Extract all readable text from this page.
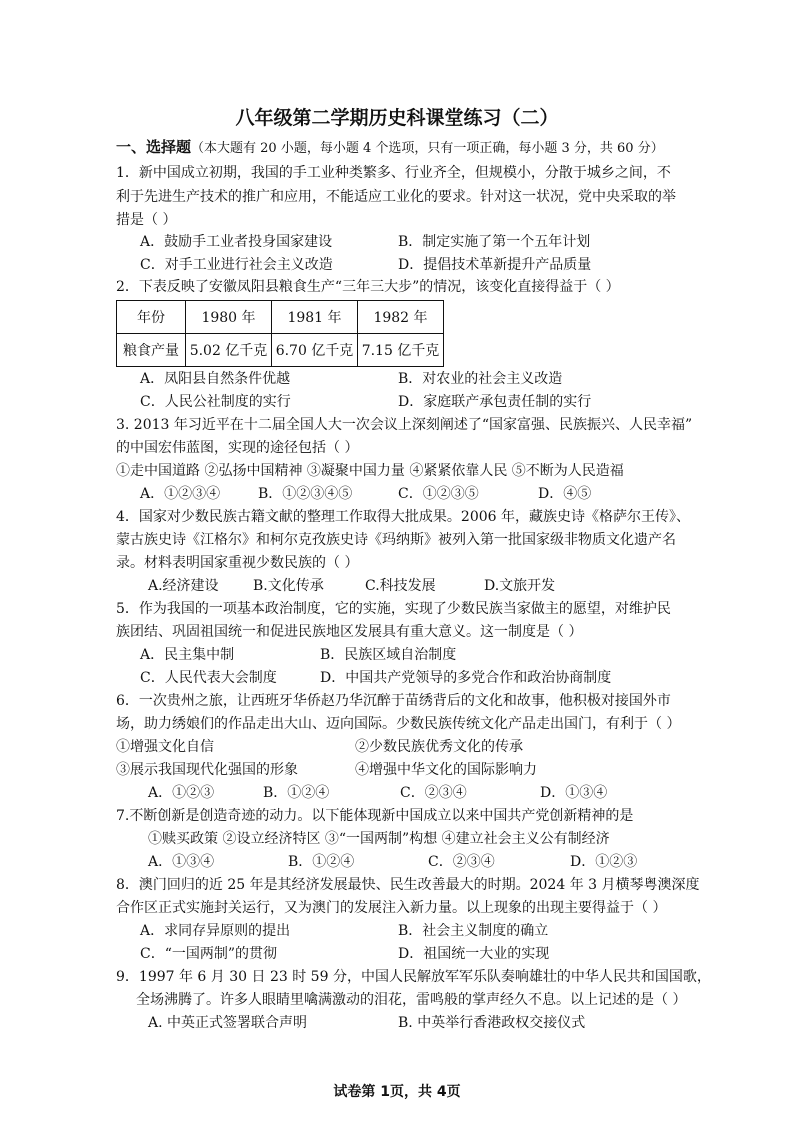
八年级第二学期历史科课堂练习（二）
一、选择题（本大题有 20 小题，每小题 4 个选项，只有一项正确，每小题 3 分，共 60 分）
1．新中国成立初期，我国的手工业种类繁多、行业齐全，但规模小，分散于城乡之间，不
利于先进生产技术的推广和应用，不能适应工业化的要求。针对这一状况，党中央采取的举
措是（ ）
A．鼓励手工业者投身国家建设	B．制定实施了第一个五年计划
C．对手工业进行社会主义改造	D．提倡技术革新提升产品质量
2．下表反映了安徽凤阳县粮食生产“三年三大步”的情况，该变化直接得益于（ ）
年份	1980 年	1981 年	1982 年
粮食产量	5.02 亿千克	6.70 亿千克	7.15 亿千克
A．凤阳县自然条件优越	B．对农业的社会主义改造
C．人民公社制度的实行	D．家庭联产承包责任制的实行
3. 2013 年习近平在十二届全国人大一次会议上深刻阐述了“国家富强、民族振兴、人民幸福”
的中国宏伟蓝图，实现的途径包括（ ）
①走中国道路 ②弘扬中国精神 ③凝聚中国力量 ④紧紧依靠人民 ⑤不断为人民造福
A．①②③④	B．①②③④⑤	C．①②③⑤	D．④⑤
4．国家对少数民族古籍文献的整理工作取得大批成果。2006 年，藏族史诗《格萨尔王传》、
蒙古族史诗《江格尔》和柯尔克孜族史诗《玛纳斯》被列入第一批国家级非物质文化遗产名
录。材料表明国家重视少数民族的（ ）
A.经济建设 B.文化传承	C.科技发展	D.文旅开发
5．作为我国的一项基本政治制度，它的实施，实现了少数民族当家做主的愿望，对维护民
族团结、巩固祖国统一和促进民族地区发展具有重大意义。这一制度是（ ）
A．民主集中制	B．民族区域自治制度
C．人民代表大会制度	D．中国共产党领导的多党合作和政治协商制度
6．一次贵州之旅，让西班牙华侨赵乃华沉醉于苗绣背后的文化和故事，他积极对接国外市
场，助力绣娘们的作品走出大山、迈向国际。少数民族传统文化产品走出国门，有利于（ ）
①增强文化自信	②少数民族优秀文化的传承
③展示我国现代化强国的形象	④增强中华文化的国际影响力
A．①②③	B．①②④	C．②③④	D．①③④
7.不断创新是创造奇迹的动力。以下能体现新中国成立以来中国共产党创新精神的是
①赎买政策 ②设立经济特区 ③“一国两制”构想 ④建立社会主义公有制经济
A．①③④	B．①②④	C．②③④	D．①②③
8．澳门回归的近 25 年是其经济发展最快、民生改善最大的时期。2024 年 3 月横琴粤澳深度
合作区正式实施封关运行，又为澳门的发展注入新力量。以上现象的出现主要得益于（ ）
A．求同存异原则的提出	B．社会主义制度的确立
C．“一国两制”的贯彻	D．祖国统一大业的实现
9．1997 年 6 月 30 日 23 时 59 分，中国人民解放军军乐队奏响雄壮的中华人民共和国国歌，
全场沸腾了。许多人眼睛里噙满激动的泪花，雷鸣般的掌声经久不息。以上记述的是（ ）
A. 中英正式签署联合声明	B. 中英举行香港政权交接仪式
试卷第 1页，共 4页
